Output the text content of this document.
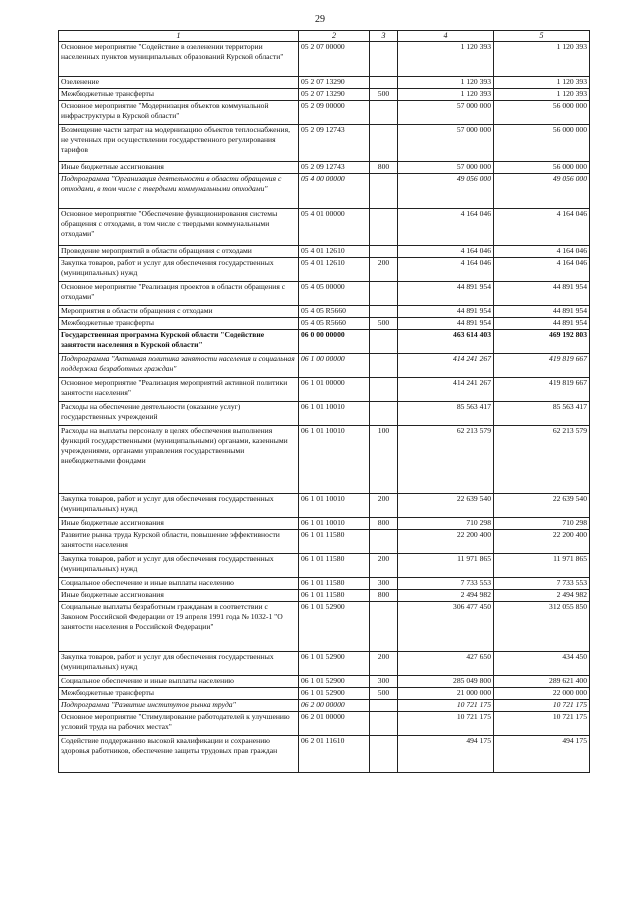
29
1	2	3	4	5
Основное мероприятие "Содействие в озеленении территории населенных пунктов муниципальных образований Курской области"	05 2 07 00000		1 120 393	1 120 393
Озеленение	05 2 07 13290		1 120 393	1 120 393
Межбюджетные трансферты	05 2 07 13290	500	1 120 393	1 120 393
Основное мероприятие "Модернизация объектов коммунальной инфраструктуры в Курской области"	05 2 09 00000		57 000 000	56 000 000
Возмещение части затрат на модернизацию объектов теплоснабжения, не учтенных при осуществлении государственного регулирования тарифов	05 2 09 12743		57 000 000	56 000 000
Иные бюджетные ассигнования	05 2 09 12743	800	57 000 000	56 000 000
Подпрограмма "Организация деятельности в области обращения с отходами, в том числе с твердыми коммунальными отходами"	05 4 00 00000		49 056 000	49 056 000
Основное мероприятие "Обеспечение функционирования системы обращения с отходами, в том числе с твердыми коммунальными отходами"	05 4 01 00000		4 164 046	4 164 046
Проведение мероприятий в области обращения с отходами	05 4 01 12610		4 164 046	4 164 046
Закупка товаров, работ и услуг для обеспечения государственных (муниципальных) нужд	05 4 01 12610	200	4 164 046	4 164 046
Основное мероприятие "Реализация проектов в области обращения с отходами"	05 4 05 00000		44 891 954	44 891 954
Мероприятия в области обращения с отходами	05 4 05 R5660		44 891 954	44 891 954
Межбюджетные трансферты	05 4 05 R5660	500	44 891 954	44 891 954
Государственная программа Курской области "Содействие занятости населения в Курской области"	06 0 00 00000		463 614 403	469 192 803
Подпрограмма "Активная политика занятости населения и социальная поддержка безработных граждан"	06 1 00 00000		414 241 267	419 819 667
Основное мероприятие "Реализация мероприятий активной политики занятости населения"	06 1 01 00000		414 241 267	419 819 667
Расходы на обеспечение деятельности (оказание услуг) государственных учреждений	06 1 01 10010		85 563 417	85 563 417
Расходы на выплаты персоналу в целях обеспечения выполнения функций государственными (муниципальными) органами, казенными учреждениями, органами управления государственными внебюджетными фондами	06 1 01 10010	100	62 213 579	62 213 579
Закупка товаров, работ и услуг для обеспечения государственных (муниципальных) нужд	06 1 01 10010	200	22 639 540	22 639 540
Иные бюджетные ассигнования	06 1 01 10010	800	710 298	710 298
Развитие рынка труда Курской области, повышение эффективности занятости населения	06 1 01 11580		22 200 400	22 200 400
Закупка товаров, работ и услуг для обеспечения государственных (муниципальных) нужд	06 1 01 11580	200	11 971 865	11 971 865
Социальное обеспечение и иные выплаты населению	06 1 01 11580	300	7 733 553	7 733 553
Иные бюджетные ассигнования	06 1 01 11580	800	2 494 982	2 494 982
Социальные выплаты безработным гражданам в соответствии с Законом Российской Федерации от 19 апреля 1991 года № 1032-1 "О занятости населения в Российской Федерации"	06 1 01 52900		306 477 450	312 055 850
Закупка товаров, работ и услуг для обеспечения государственных (муниципальных) нужд	06 1 01 52900	200	427 650	434 450
Социальное обеспечение и иные выплаты населению	06 1 01 52900	300	285 049 800	289 621 400
Межбюджетные трансферты	06 1 01 52900	500	21 000 000	22 000 000
Подпрограмма "Развитие институтов рынка труда"	06 2 00 00000		10 721 175	10 721 175
Основное мероприятие "Стимулирование работодателей к улучшению условий труда на рабочих местах"	06 2 01 00000		10 721 175	10 721 175
Содействие поддержанию высокой квалификации и сохранению здоровья работников, обеспечение защиты трудовых прав граждан	06 2 01 11610		494 175	494 175
